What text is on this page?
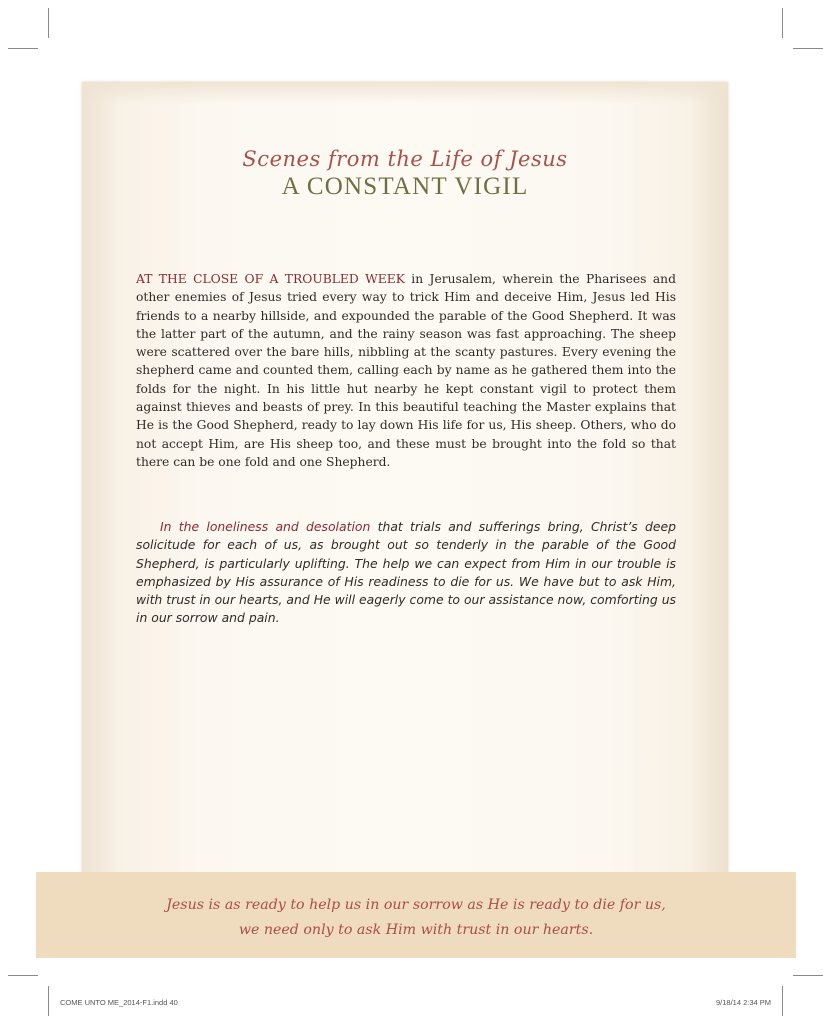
Scenes from the Life of Jesus
A CONSTANT VIGIL
AT THE CLOSE OF A TROUBLED WEEK in Jerusalem, wherein the Pharisees and other enemies of Jesus tried every way to trick Him and deceive Him, Jesus led His friends to a nearby hillside, and expounded the parable of the Good Shepherd. It was the latter part of the autumn, and the rainy season was fast approaching. The sheep were scattered over the bare hills, nibbling at the scanty pastures. Every evening the shepherd came and counted them, calling each by name as he gathered them into the folds for the night. In his little hut nearby he kept constant vigil to protect them against thieves and beasts of prey. In this beautiful teaching the Master explains that He is the Good Shepherd, ready to lay down His life for us, His sheep. Others, who do not accept Him, are His sheep too, and these must be brought into the fold so that there can be one fold and one Shepherd.
In the loneliness and desolation that trials and sufferings bring, Christ’s deep solicitude for each of us, as brought out so tenderly in the parable of the Good Shepherd, is particularly uplifting. The help we can expect from Him in our trouble is emphasized by His assurance of His readiness to die for us. We have but to ask Him, with trust in our hearts, and He will eagerly come to our assistance now, comforting us in our sorrow and pain.
Jesus is as ready to help us in our sorrow as He is ready to die for us,
we need only to ask Him with trust in our hearts.
COME UNTO ME_2014-F1.indd 40	9/18/14 2:34 PM
